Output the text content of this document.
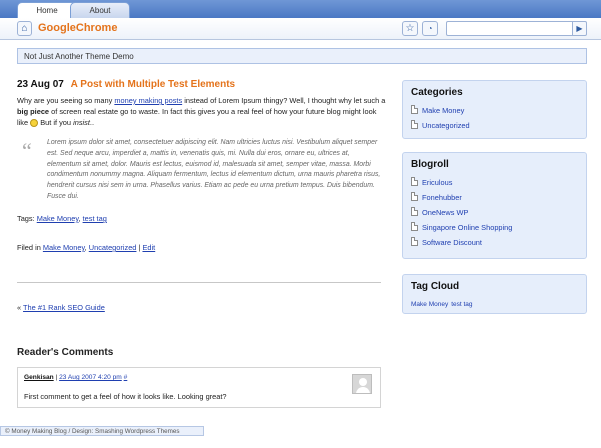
Home	About
⌂ GoogleChrome	☆	◔	▶
Not Just Another Theme Demo
23 Aug 07 A Post with Multiple Test Elements
Why are you seeing so many money making posts instead of Lorem Ipsum thingy? Well, I thought why let such a big piece of screen real estate go to waste. In fact this gives you a real feel of how your future blog might look like  But if you insist..
“ Lorem ipsum dolor sit amet, consectetuer adipiscing elit. Nam ultricies luctus nisi. Vestibulum aliquet semper est. Sed neque arcu, imperdiet a, mattis in, venenatis quis, mi. Nulla dui eros, ornare eu, ultrices at, elementum sit amet, dolor. Mauris est lectus, euismod id, malesuada sit amet, semper vitae, massa. Morbi condimentum nonummy magna. Aliquam fermentum, lectus id elementum dictum, urna mauris pharetra risus, hendrerit cursus nisi sem in urna. Phasellus varius. Etiam ac pede eu urna pretium tempus. Duis bibendum. Fusce dui.
Tags: Make Money, test tag
Filed in Make Money, Uncategorized | Edit
« The #1 Rank SEO Guide
Reader's Comments
Genkisan | 23 Aug 2007 4:20 pm #
First comment to get a feel of how it looks like. Looking great?
© Money Making Blog / Design: Smashing Wordpress Themes
Categories
Make Money
Uncategorized
Blogroll
Ericulous
Fonehubber
OneNews WP
Singapore Online Shopping
Software Discount
Tag Cloud
Make Money test tag
